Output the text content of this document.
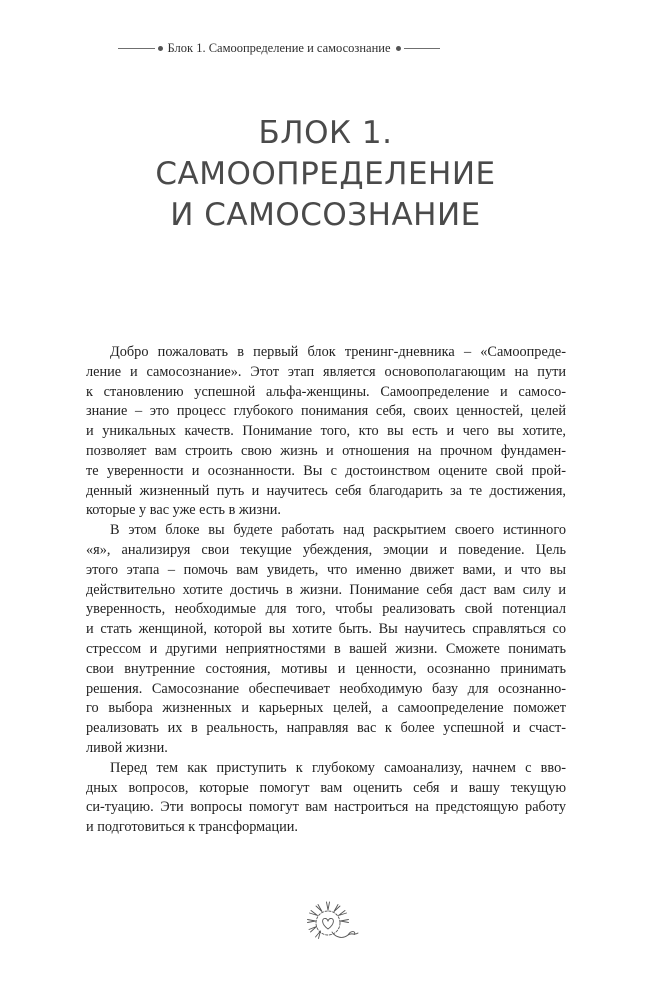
Блок 1. Самоопределение и самосознание
БЛОК 1.
САМООПРЕДЕЛЕНИЕ
И САМОСОЗНАНИЕ
Добро пожаловать в первый блок тренинг-дневника – «Самоопреде-
ление и самосознание». Этот этап является основополагающим на пути
к становлению успешной альфа-женщины. Самоопределение и самосо-
знание – это процесс глубокого понимания себя, своих ценностей, целей
и уникальных качеств. Понимание того, кто вы есть и чего вы хотите,
позволяет вам строить свою жизнь и отношения на прочном фундамен-
те уверенности и осознанности. Вы с достоинством оцените свой прой-
денный жизненный путь и научитесь себя благодарить за те достижения,
которые у вас уже есть в жизни.
В этом блоке вы будете работать над раскрытием своего истинного
«я», анализируя свои текущие убеждения, эмоции и поведение. Цель
этого этапа – помочь вам увидеть, что именно движет вами, и что вы
действительно хотите достичь в жизни. Понимание себя даст вам силу и
уверенность, необходимые для того, чтобы реализовать свой потенциал
и стать женщиной, которой вы хотите быть. Вы научитесь справляться со
стрессом и другими неприятностями в вашей жизни. Сможете понимать
свои внутренние состояния, мотивы и ценности, осознанно принимать
решения. Самосознание обеспечивает необходимую базу для осознанно-
го выбора жизненных и карьерных целей, а самоопределение поможет
реализовать их в реальность, направляя вас к более успешной и счаст-
ливой жизни.
Перед тем как приступить к глубокому самоанализу, начнем с вво-
дных вопросов, которые помогут вам оценить себя и вашу текущую
си-туацию. Эти вопросы помогут вам настроиться на предстоящую работу
и подготовиться к трансформации.
